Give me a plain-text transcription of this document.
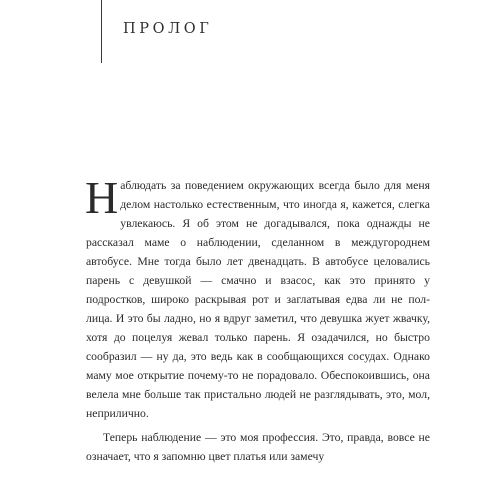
ПРОЛОГ

Наблюдать за поведением окружающих всегда было для меня делом настолько естественным, что иногда я, кажется, слегка увлекаюсь. Я об этом не догадывался, пока однажды не рассказал маме о наблюдении, сделанном в междугороднем автобусе. Мне тогда было лет двенадцать. В автобусе целовались парень с девушкой — смачно и взасос, как это принято у подростков, широко раскрывая рот и заглатывая едва ли не пол-лица. И это бы ладно, но я вдруг заметил, что девушка жует жвачку, хотя до поцелуя жевал только парень. Я озадачился, но быстро сообразил — ну да, это ведь как в сообщающихся сосудах. Однако маму мое открытие почему-то не порадовало. Обеспокоившись, она велела мне больше так пристально людей не разглядывать, это, мол, неприлично.

Теперь наблюдение — это моя профессия. Это, правда, вовсе не означает, что я запомню цвет платья или замечу
